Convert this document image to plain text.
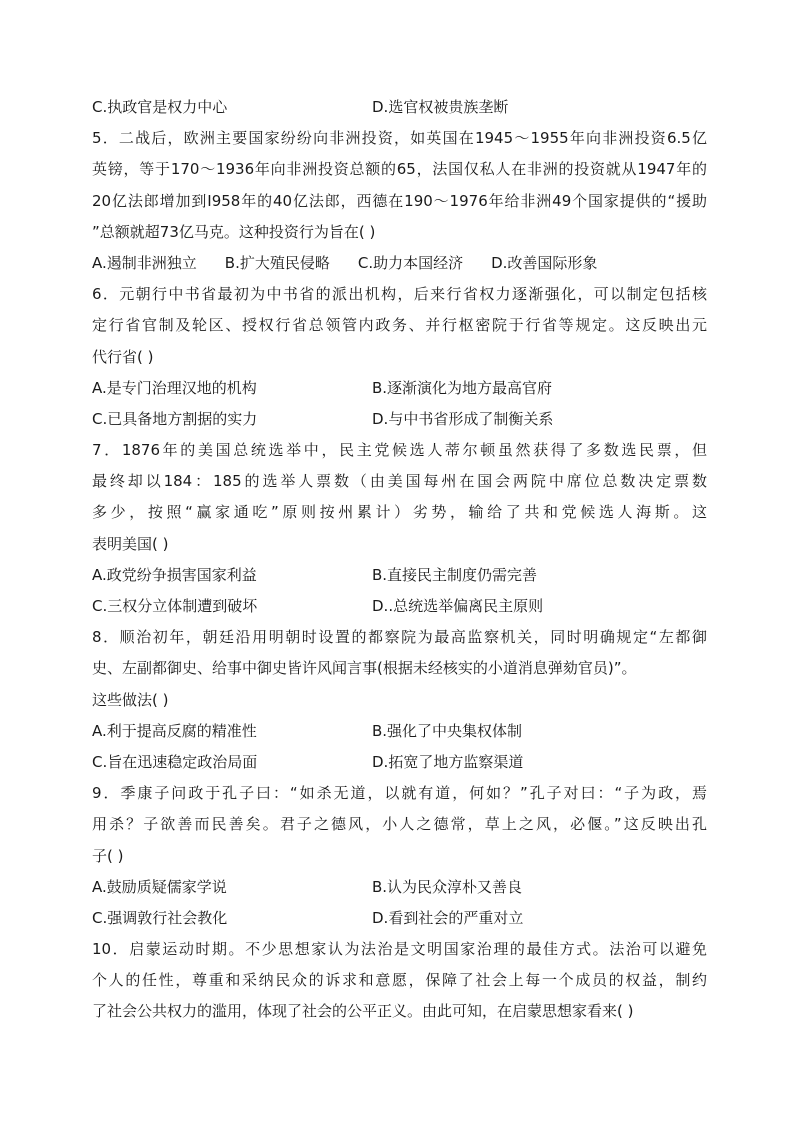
C.执政官是权力中心	D.选官权被贵族垄断
5．二战后，欧洲主要国家纷纷向非洲投资，如英国在1945～1955年向非洲投资6.5亿
英镑，等于170～1936年向非洲投资总额的65，法国仅私人在非洲的投资就从1947年的
20亿法郎增加到I958年的40亿法郎，西德在190～1976年给非洲49个国家提供的“援助
”总额就超73亿马克。这种投资行为旨在( )
A.遏制非洲独立 B.扩大殖民侵略 C.助力本国经济 D.改善国际形象
6．元朝行中书省最初为中书省的派出机构，后来行省权力逐渐强化，可以制定包括核
定行省官制及轮区、授权行省总领管内政务、并行枢密院于行省等规定。这反映出元
代行省( )
A.是专门治理汉地的机构	B.逐渐演化为地方最高官府
C.已具备地方割据的实力	D.与中书省形成了制衡关系
7．1876年的美国总统选举中，民主党候选人蒂尔顿虽然获得了多数选民票，但
最终却以184：185的选举人票数（由美国每州在国会两院中席位总数决定票数
多少，按照“赢家通吃”原则按州累计）劣势，输给了共和党候选人海斯。这
表明美国( )
A.政党纷争损害国家利益	B.直接民主制度仍需完善
C.三权分立体制遭到破坏	D..总统选举偏离民主原则
8．顺治初年，朝廷沿用明朝时设置的都察院为最高监察机关，同时明确规定“左都御
史、左副都御史、给事中御史皆许风闻言事(根据未经核实的小道消息弹劾官员)”。
这些做法( )
A.利于提高反腐的精准性	B.强化了中央集权体制
C.旨在迅速稳定政治局面	D.拓宽了地方监察渠道
9．季康子问政于孔子曰：“如杀无道，以就有道，何如？”孔子对曰：“子为政，焉
用杀？子欲善而民善矣。君子之德风，小人之德常，草上之风，必偃。”这反映出孔
子( )
A.鼓励质疑儒家学说	B.认为民众淳朴又善良
C.强调敦行社会教化	D.看到社会的严重对立
10．启蒙运动时期。不少思想家认为法治是文明国家治理的最佳方式。法治可以避免
个人的任性，尊重和采纳民众的诉求和意愿，保障了社会上每一个成员的权益，制约
了社会公共权力的滥用，体现了社会的公平正义。由此可知，在启蒙思想家看来( )
